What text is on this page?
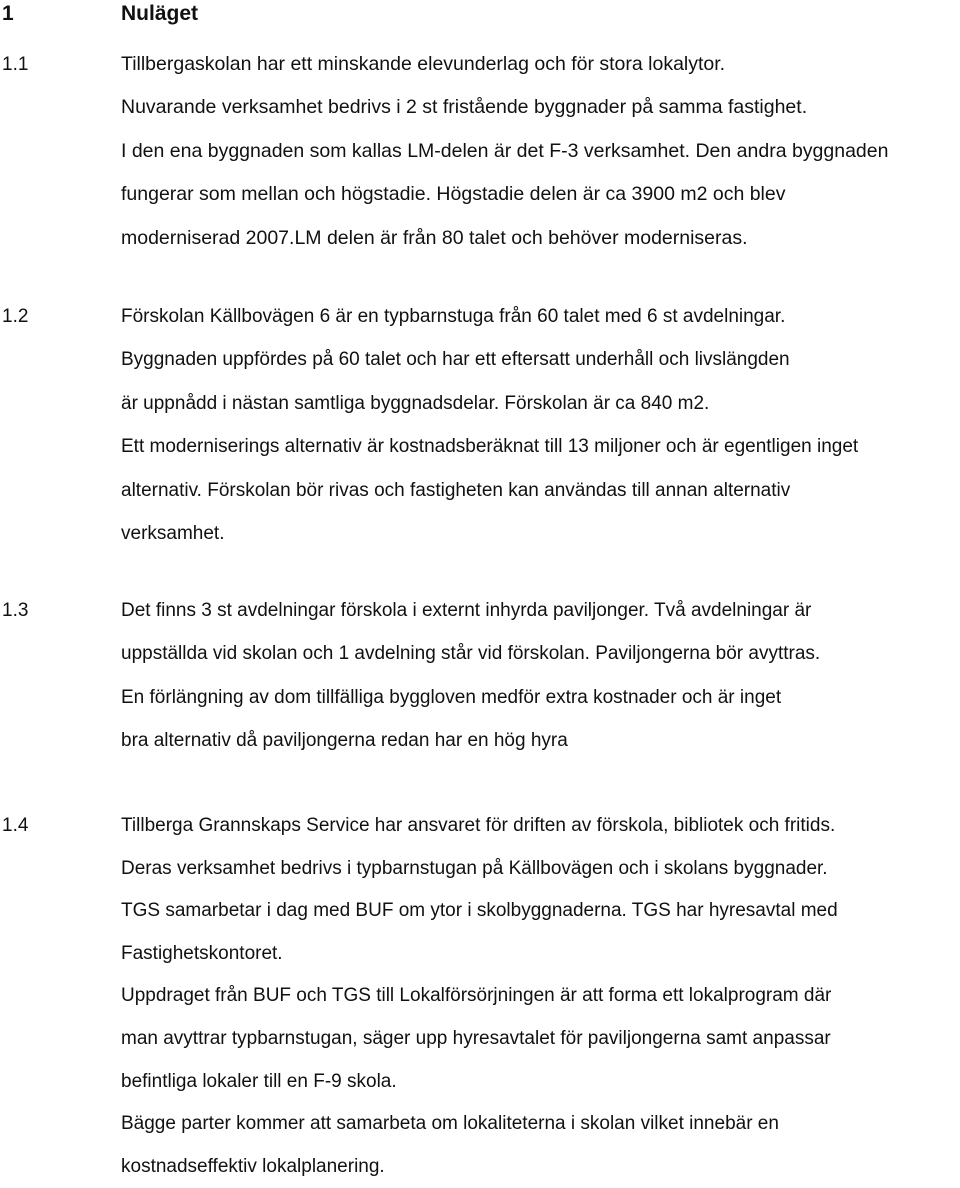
1	Nuläget
1.1	Tillbergaskolan har ett minskande elevunderlag och för stora lokalytor.
Nuvarande verksamhet bedrivs i 2 st fristående byggnader på samma fastighet.
I den ena byggnaden som kallas LM-delen är det F-3 verksamhet. Den andra byggnaden
fungerar som mellan och högstadie. Högstadie delen är ca 3900 m2 och blev
moderniserad 2007.LM delen är från 80 talet och behöver moderniseras.
1.2	Förskolan Källbovägen 6 är en typbarnstuga från 60 talet med 6 st avdelningar.
Byggnaden uppfördes på 60 talet och har ett eftersatt underhåll och livslängden
är uppnådd i nästan samtliga byggnadsdelar. Förskolan är ca 840 m2.
Ett moderniserings alternativ är kostnadsberäknat till 13 miljoner och är egentligen inget
alternativ. Förskolan bör rivas och fastigheten kan användas till annan alternativ
verksamhet.
1.3	Det finns 3 st avdelningar förskola i externt inhyrda paviljonger. Två avdelningar är
uppställda vid skolan och 1 avdelning står vid förskolan. Paviljongerna bör avyttras.
En förlängning av dom tillfälliga byggloven medför extra kostnader och är inget
bra alternativ då paviljongerna redan har en hög hyra
1.4	Tillberga Grannskaps Service har ansvaret för driften av förskola, bibliotek och fritids.
Deras verksamhet bedrivs i typbarnstugan på Källbovägen och i skolans byggnader.
TGS samarbetar i dag med BUF om ytor i skolbyggnaderna. TGS har hyresavtal med
Fastighetskontoret.
Uppdraget från BUF och TGS till Lokalförsörjningen är att forma ett lokalprogram där
man avyttrar typbarnstugan, säger upp hyresavtalet för paviljongerna samt anpassar
befintliga lokaler till en F-9 skola.
Bägge parter kommer att samarbeta om lokaliteterna i skolan vilket innebär en
kostnadseffektiv lokalplanering.
